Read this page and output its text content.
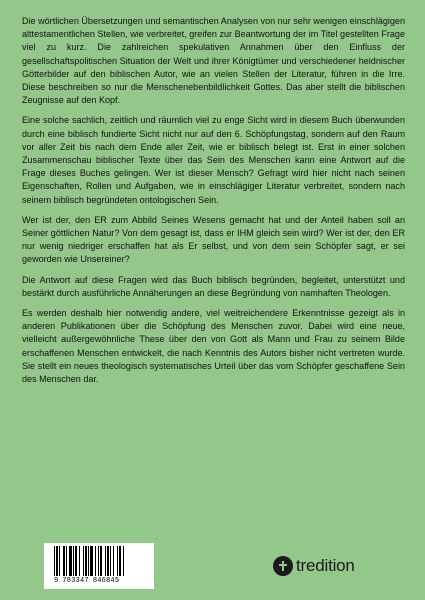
Die wörtlichen Übersetzungen und semantischen Analysen von nur sehr wenigen einschlägigen alttestamentlichen Stellen, wie verbreitet, greifen zur Beantwortung der im Titel gestellten Frage viel zu kurz. Die zahlreichen spekulativen Annahmen über den Einfluss der gesellschaftspolitischen Situation der Welt und ihrer Königtümer und verschiedener heidnischer Götterbilder auf den biblischen Autor, wie an vielen Stellen der Literatur, führen in die Irre. Diese beschreiben so nur die Menschenebenbildlichkeit Gottes. Das aber stellt die biblischen Zeugnisse auf den Kopf.

Eine solche sachlich, zeitlich und räumlich viel zu enge Sicht wird in diesem Buch überwunden durch eine biblisch fundierte Sicht nicht nur auf den 6. Schöpfungstag, sondern auf den Raum vor aller Zeit bis nach dem Ende aller Zeit, wie er biblisch belegt ist. Erst in einer solchen Zusammenschau biblischer Texte über das Sein des Menschen kann eine Antwort auf die Frage dieses Buches gelingen. Wer ist dieser Mensch? Gefragt wird hier nicht nach seinen Eigenschaften, Rollen und Aufgaben, wie in einschlägiger Literatur verbreitet, sondern nach seinem biblisch begründeten ontologischen Sein.

Wer ist der, den ER zum Abbild Seines Wesens gemacht hat und der Anteil haben soll an Seiner göttlichen Natur? Von dem gesagt ist, dass er IHM gleich sein wird? Wer ist der, den ER nur wenig niedriger erschaffen hat als Er selbst, und von dem sein Schöpfer sagt, er sei geworden wie Unsereiner?

Die Antwort auf diese Fragen wird das Buch biblisch begründen, begleitet, unterstützt und bestärkt durch ausführliche Annäherungen an diese Begründung von namhaften Theologen.

Es werden deshalb hier notwendig andere, viel weitreichendere Erkenntnisse gezeigt als in anderen Publikationen über die Schöpfung des Menschen zuvor. Dabei wird eine neue, vielleicht außergewöhnliche These über den von Gott als Mann und Frau zu seinem Bilde erschaffenen Menschen entwickelt, die nach Kenntnis des Autors bisher nicht vertreten wurde. Sie stellt ein neues theologisch systematisches Urteil über das vom Schöpfer geschaffene Sein des Menschen dar.

9 783347 846845
tredition
